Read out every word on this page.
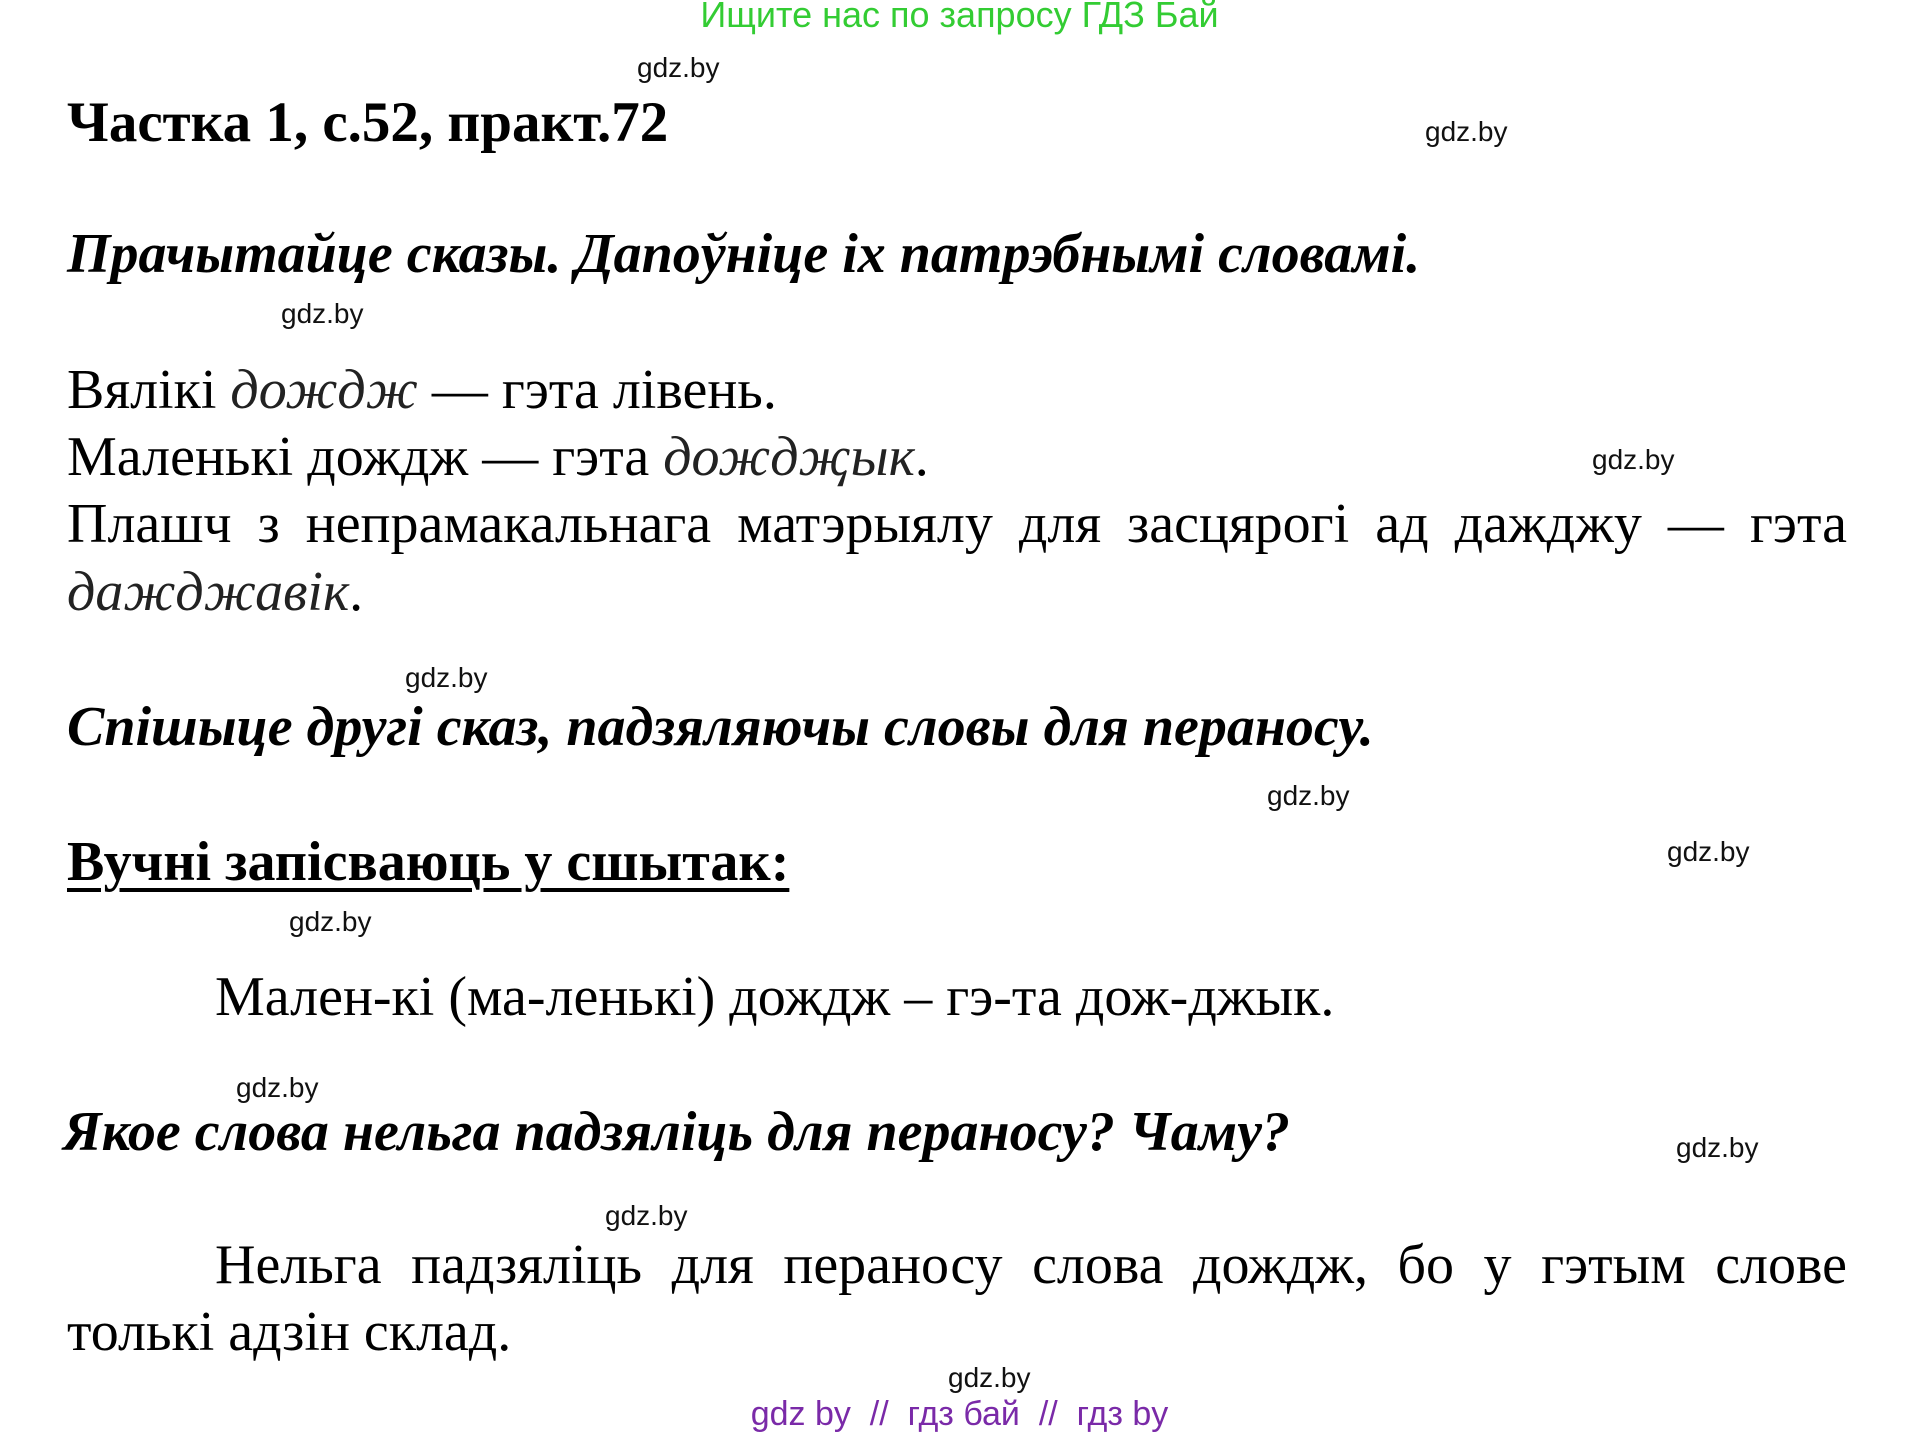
Ищите нас по запросу ГДЗ Бай
gdz.by
gdz.by
gdz.by
gdz.by
gdz.by
gdz.by
gdz.by
gdz.by
gdz.by
gdz.by
gdz.by
gdz.by
Частка 1, с.52, практ.72
Прачытайце сказы. Дапоўніце іх патрэбнымі словамі.
Вялікі дождж — гэта лівень.
Маленькі дождж — гэта дождҗык.
Плашч з непрамакальнага матэрыялу для засцярогі ад дажджу — гэта
дажджавік.
Спішыце другі сказ, падзяляючы словы для пераносу.
Вучні запісваюць у сшытак:
Мален-кі (ма-ленькі) дождж – гэ-та дож-джык.
Якое слова нельга падзяліць для пераносу? Чаму?
Нельга падзяліць для пераносу слова дождж, бо у гэтым слове
толькі адзін склад.
gdz by  //  гдз бай  //  гдз by
